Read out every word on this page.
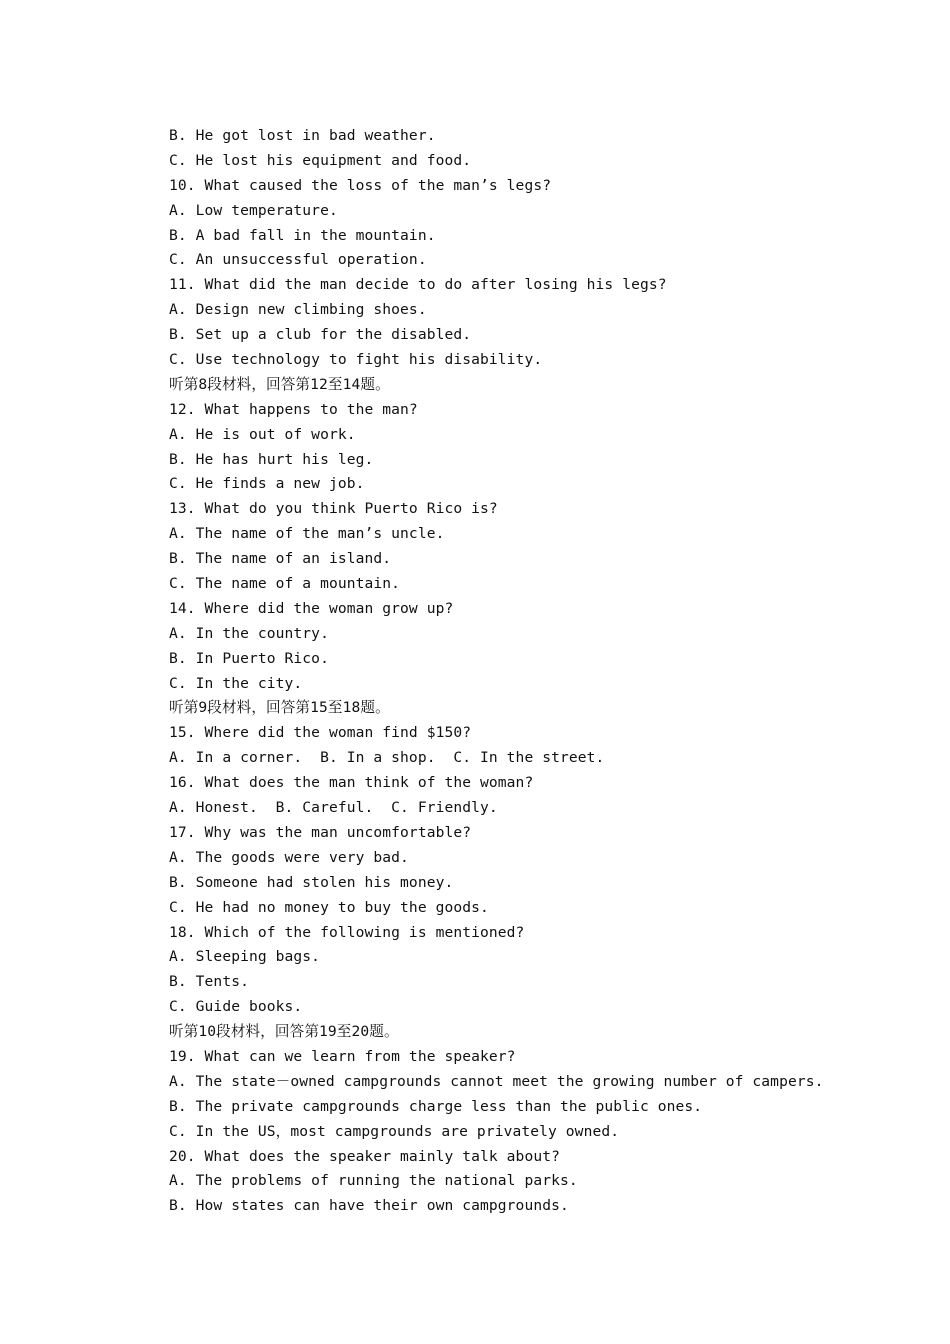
B. He got lost in bad weather.
C. He lost his equipment and food.
10. What caused the loss of the man’s legs?
A. Low temperature.
B. A bad fall in the mountain.
C. An unsuccessful operation.
11. What did the man decide to do after losing his legs?
A. Design new climbing shoes.
B. Set up a club for the disabled.
C. Use technology to fight his disability.
听第8段材料，回答第12至14题。
12. What happens to the man?
A. He is out of work.
B. He has hurt his leg.
C. He finds a new job.
13. What do you think Puerto Rico is?
A. The name of the man’s uncle.
B. The name of an island.
C. The name of a mountain.
14. Where did the woman grow up?
A. In the country.
B. In Puerto Rico.
C. In the city.
听第9段材料，回答第15至18题。
15. Where did the woman find $150?
A. In a corner.  B. In a shop.  C. In the street.
16. What does the man think of the woman?
A. Honest.  B. Careful.  C. Friendly.
17. Why was the man uncomfortable?
A. The goods were very bad.
B. Someone had stolen his money.
C. He had no money to buy the goods.
18. Which of the following is mentioned?
A. Sleeping bags.
B. Tents.
C. Guide books.
听第10段材料，回答第19至20题。
19. What can we learn from the speaker?
A. The state－owned campgrounds cannot meet the growing number of campers.
B. The private campgrounds charge less than the public ones.
C. In the US，most campgrounds are privately owned.
20. What does the speaker mainly talk about?
A. The problems of running the national parks.
B. How states can have their own campgrounds.
